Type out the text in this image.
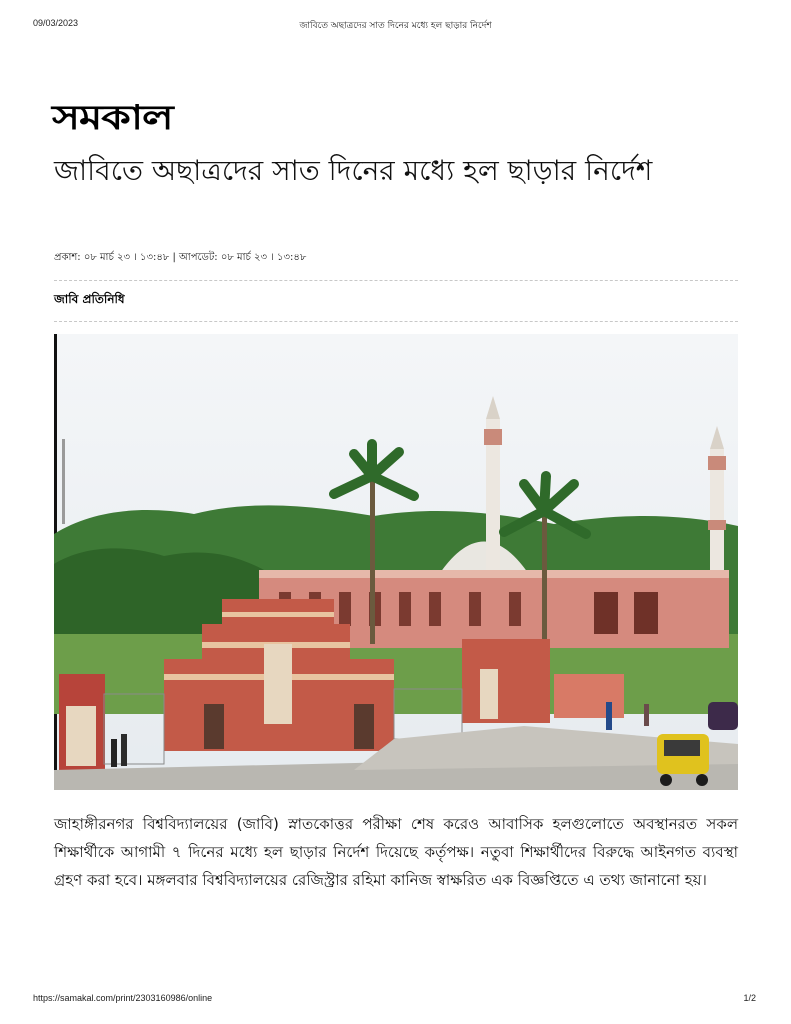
09/03/2023	জাবিতে অছাত্রদের সাত দিনের মধ্যে হল ছাড়ার নির্দেশ
সমকাল
জাবিতে অছাত্রদের সাত দিনের মধ্যে হল ছাড়ার নির্দেশ
প্রকাশ: ০৮ মার্চ ২৩ । ১৩:৪৮ | আপডেট: ০৮ মার্চ ২৩ । ১৩:৪৮
জাবি প্রতিনিধি

জাহাঙ্গীরনগর বিশ্ববিদ্যালয়ের (জাবি) স্নাতকোত্তর পরীক্ষা শেষ করেও আবাসিক হলগুলোতে অবস্থানরত সকল শিক্ষার্থীকে আগামী ৭ দিনের মধ্যে হল ছাড়ার নির্দেশ দিয়েছে কর্তৃপক্ষ। নতুবা শিক্ষার্থীদের বিরুদ্ধে আইনগত ব্যবস্থা গ্রহণ করা হবে। মঙ্গলবার বিশ্ববিদ্যালয়ের রেজিস্ট্রার রহিমা কানিজ স্বাক্ষরিত এক বিজ্ঞপ্তিতে এ তথ্য জানানো হয়।

https://samakal.com/print/2303160986/online	1/2
